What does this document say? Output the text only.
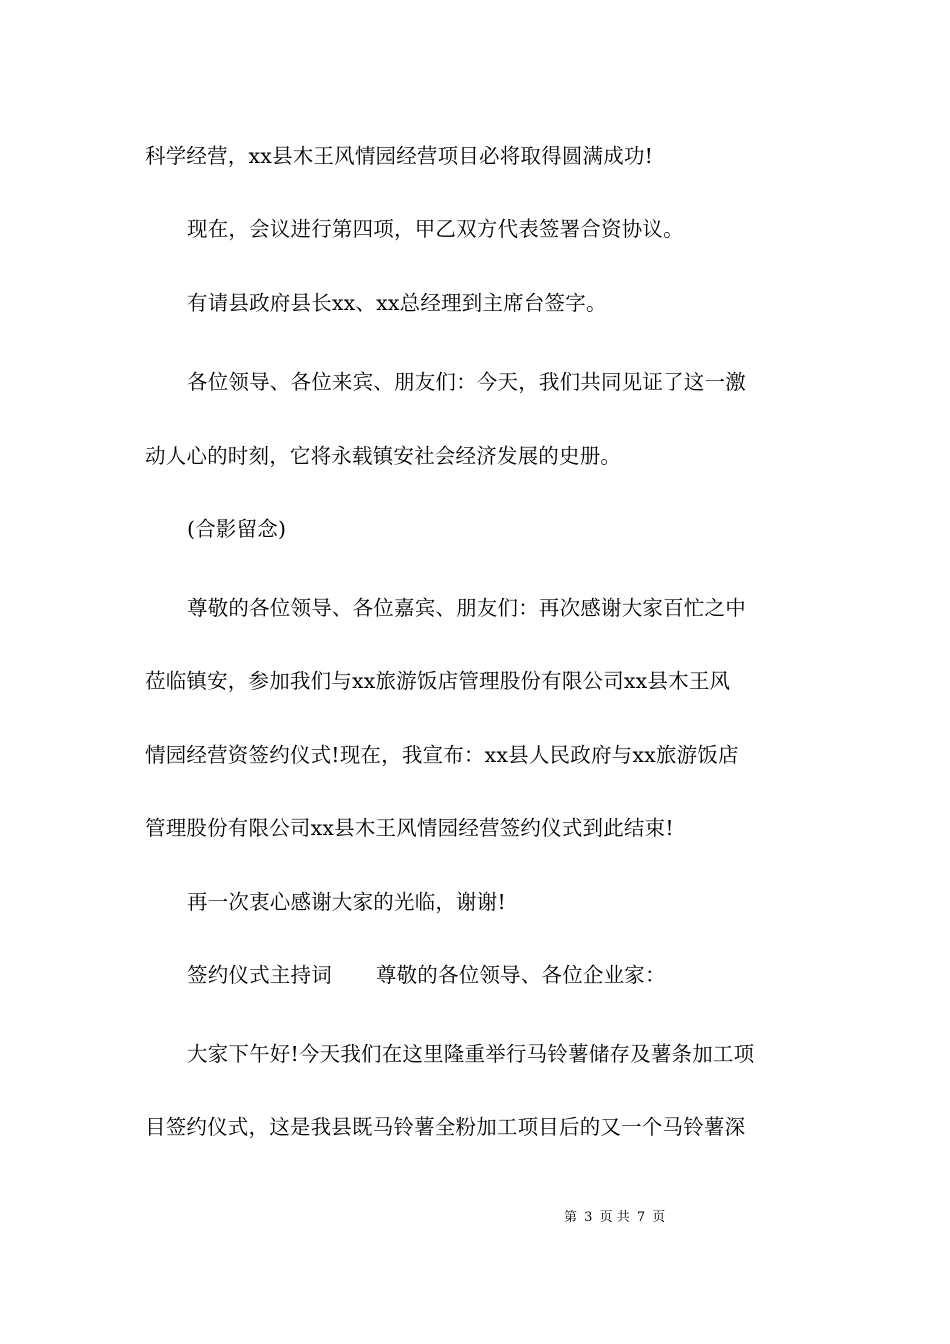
科学经营，xx县木王风情园经营项目必将取得圆满成功!
现在，会议进行第四项，甲乙双方代表签署合资协议。
有请县政府县长xx、xx总经理到主席台签字。
各位领导、各位来宾、朋友们：今天，我们共同见证了这一激
动人心的时刻，它将永载镇安社会经济发展的史册。
(合影留念)
尊敬的各位领导、各位嘉宾、朋友们：再次感谢大家百忙之中
莅临镇安，参加我们与xx旅游饭店管理股份有限公司xx县木王风
情园经营资签约仪式!现在，我宣布：xx县人民政府与xx旅游饭店
管理股份有限公司xx县木王风情园经营签约仪式到此结束!
再一次衷心感谢大家的光临，谢谢!
签约仪式主持词 尊敬的各位领导、各位企业家：
大家下午好!今天我们在这里隆重举行马铃薯储存及薯条加工项
目签约仪式，这是我县既马铃薯全粉加工项目后的又一个马铃薯深
第 3 页 共 7 页
